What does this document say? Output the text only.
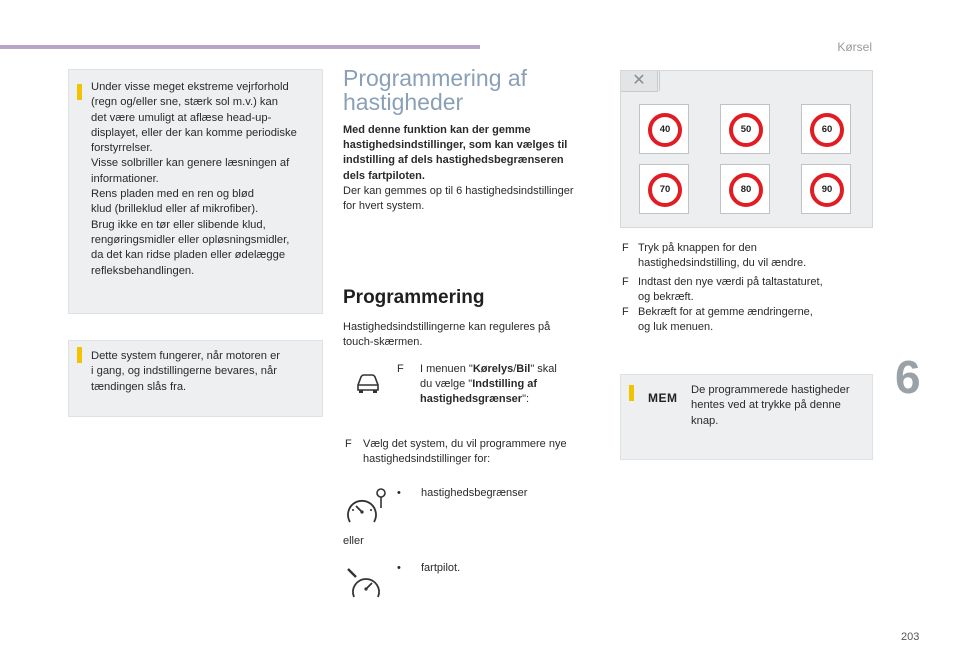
Kørsel
Under visse meget ekstreme vejrforhold
(regn og/eller sne, stærk sol m.v.) kan
det være umuligt at aflæse head-up-
displayet, eller der kan komme periodiske
forstyrrelser.
Visse solbriller kan genere læsningen af
informationer.
Rens pladen med en ren og blød
klud (brilleklud eller af mikrofiber).
Brug ikke en tør eller slibende klud,
rengøringsmidler eller opløsningsmidler,
da det kan ridse pladen eller ødelægge
refleksbehandlingen.
Dette system fungerer, når motoren er
i gang, og indstillingerne bevares, når
tændingen slås fra.
Programmering af
hastigheder
Med denne funktion kan der gemme
hastighedsindstillinger, som kan vælges til
indstilling af dels hastighedsbegrænseren
dels fartpiloten.
Der kan gemmes op til 6 hastighedsindstillinger
for hvert system.
Programmering
Hastighedsindstillingerne kan reguleres på
touch-skærmen.
F	I menuen "Kørelys/Bil" skal
du vælge "Indstilling af
hastighedsgrænser":
F	Vælg det system, du vil programmere nye
hastighedsindstillinger for:
• hastighedsbegrænser
eller
• fartpilot.
✕
40	50	60
70	80	90
F Tryk på knappen for den
hastighedsindstilling, du vil ændre.
F Indtast den nye værdi på taltastaturet,
og bekræft.
F Bekræft for at gemme ændringerne,
og luk menuen.
De programmerede hastigheder
hentes ved at trykke på denne
knap.
MEM	6
203
